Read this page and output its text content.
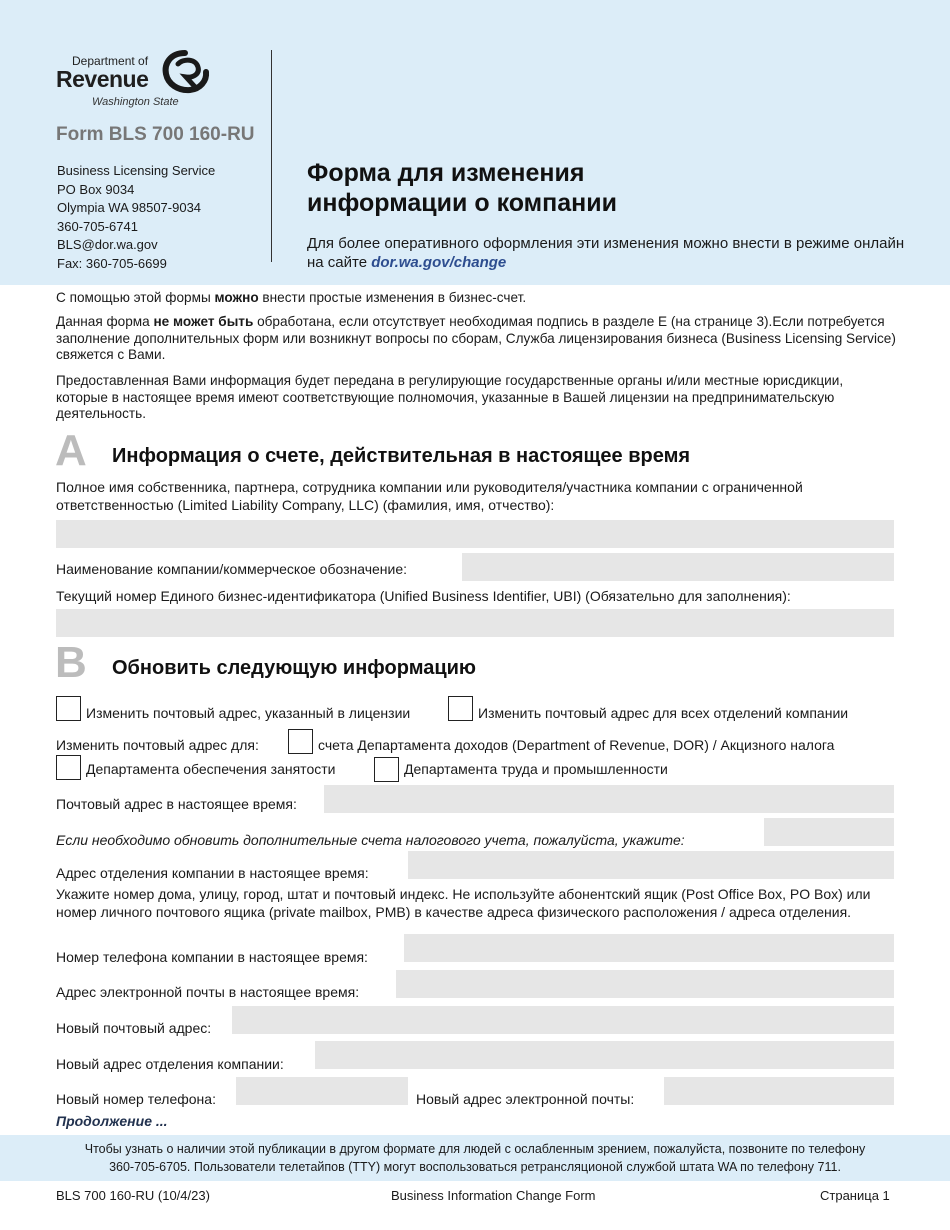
Department of
Revenue
Washington State
Form BLS 700 160-RU
Business Licensing Service
PO Box 9034
Olympia WA 98507-9034
360-705-6741
BLS@dor.wa.gov
Fax: 360-705-6699
Форма для изменения
информации о компании
Для более оперативного оформления эти изменения можно внести в режиме онлайн на сайте dor.wa.gov/change
С помощью этой формы можно внести простые изменения в бизнес-счет.
Данная форма не может быть обработана, если отсутствует необходимая подпись в разделе E (на странице 3).Если потребуется заполнение дополнительных форм или возникнут вопросы по сборам, Служба лицензирования бизнеса (Business Licensing Service) свяжется с Вами.
Предоставленная Вами информация будет передана в регулирующие государственные органы и/или местные юрисдикции, которые в настоящее время имеют соответствующие полномочия, указанные в Вашей лицензии на предпринимательскую деятельность.
A Информация о счете, действительная в настоящее время
Полное имя собственника, партнера, сотрудника компании или руководителя/участника компании с ограниченной ответственностью (Limited Liability Company, LLC) (фамилия, имя, отчество):
Наименование компании/коммерческое обозначение:
Текущий номер Единого бизнес-идентификатора (Unified Business Identifier, UBI) (Обязательно для заполнения):
B Обновить следующую информацию
Изменить почтовый адрес, указанный в лицензии	Изменить почтовый адрес для всех отделений компании
Изменить почтовый адрес для:	счета Департамента доходов (Department of Revenue, DOR) / Акцизного налога
Департамента обеспечения занятости	Департамента труда и промышленности
Почтовый адрес в настоящее время:
Если необходимо обновить дополнительные счета налогового учета, пожалуйста, укажите:
Адрес отделения компании в настоящее время:
Укажите номер дома, улицу, город, штат и почтовый индекс. Не используйте абонентский ящик (Post Office Box, PO Box) или номер личного почтового ящика (private mailbox, PMB) в качестве адреса физического расположения / адреса отделения.
Номер телефона компании в настоящее время:
Адрес электронной почты в настоящее время:
Новый почтовый адрес:
Новый адрес отделения компании:
Новый номер телефона:	Новый адрес электронной почты:
Продолжение ...
Чтобы узнать о наличии этой публикации в другом формате для людей с ослабленным зрением, пожалуйста, позвоните по телефону
360-705-6705. Пользователи телетайпов (TTY) могут воспользоваться ретрансляционой службой штата WA по телефону 711.
BLS 700 160-RU (10/4/23)	Business Information Change Form	Страница 1
